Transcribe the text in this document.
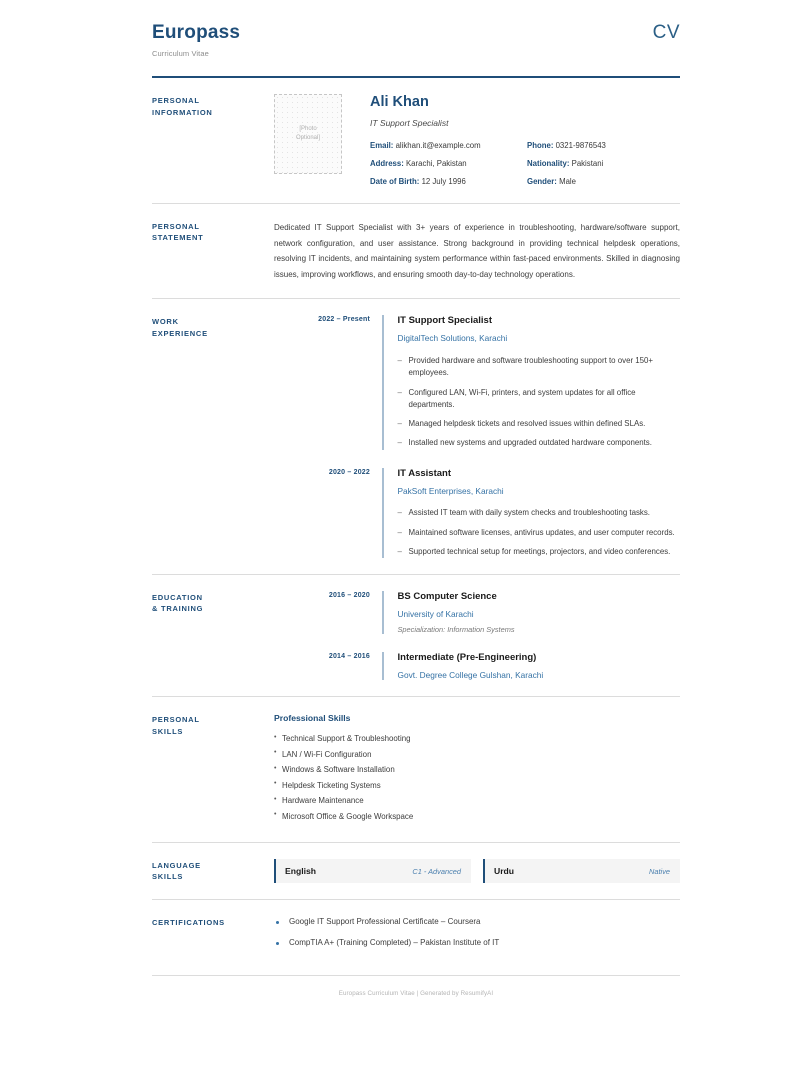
Europass
Curriculum Vitae
CV
PERSONAL
INFORMATION
[Photo
Optional]
Ali Khan
IT Support Specialist
Email: alikhan.it@example.com	Phone: 0321-9876543
Address: Karachi, Pakistan	Nationality: Pakistani
Date of Birth: 12 July 1996	Gender: Male
PERSONAL
STATEMENT
Dedicated IT Support Specialist with 3+ years of experience in troubleshooting, hardware/software support, network configuration, and user assistance. Strong background in providing technical helpdesk operations, resolving IT incidents, and maintaining system performance within fast-paced environments. Skilled in diagnosing issues, improving workflows, and ensuring smooth day-to-day technology operations.
WORK
EXPERIENCE
2022 – Present	IT Support Specialist
DigitalTech Solutions, Karachi
– Provided hardware and software troubleshooting support to over 150+ employees.
– Configured LAN, Wi-Fi, printers, and system updates for all office departments.
– Managed helpdesk tickets and resolved issues within defined SLAs.
– Installed new systems and upgraded outdated hardware components.
2020 – 2022	IT Assistant
PakSoft Enterprises, Karachi
– Assisted IT team with daily system checks and troubleshooting tasks.
– Maintained software licenses, antivirus updates, and user computer records.
– Supported technical setup for meetings, projectors, and video conferences.
EDUCATION
& TRAINING
2016 – 2020	BS Computer Science
University of Karachi
Specialization: Information Systems
2014 – 2016	Intermediate (Pre-Engineering)
Govt. Degree College Gulshan, Karachi
PERSONAL
SKILLS
Professional Skills
• Technical Support & Troubleshooting
• LAN / Wi-Fi Configuration
• Windows & Software Installation
• Helpdesk Ticketing Systems
• Hardware Maintenance
• Microsoft Office & Google Workspace
LANGUAGE
SKILLS
English	C1 - Advanced	Urdu	Native
CERTIFICATIONS	Google IT Support Professional Certificate – Coursera
CompTIA A+ (Training Completed) – Pakistan Institute of IT
Europass Curriculum Vitae | Generated by ResumifyAI
